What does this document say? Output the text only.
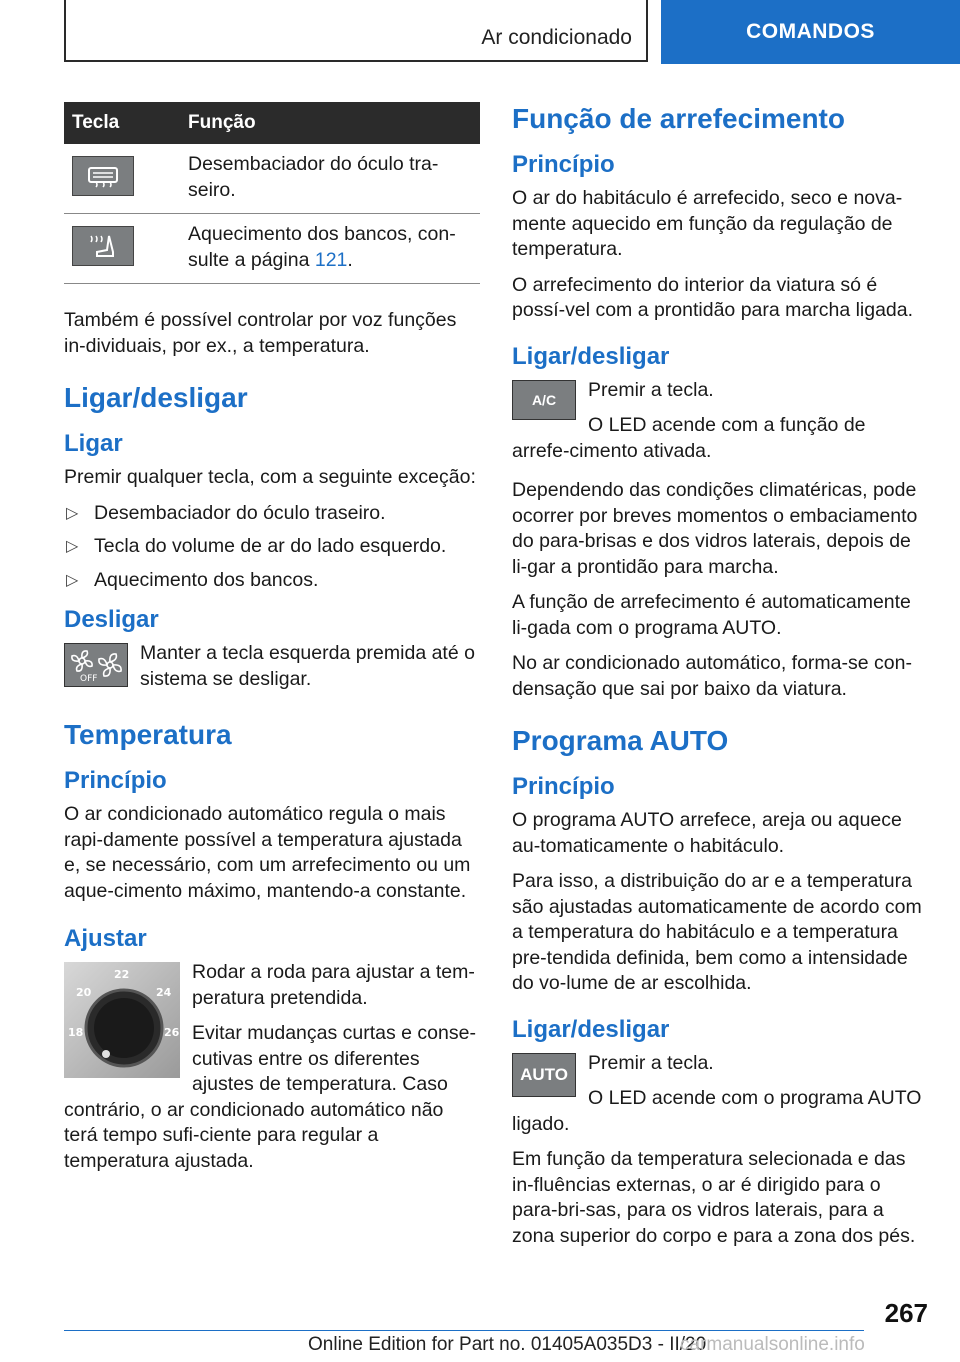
Ar condicionado	COMANDOS
Tecla	Função

	Desembaciador do óculo tra-seiro.

	Aquecimento dos bancos, con-sulte a página 121.

Também é possível controlar por voz funções in-dividuais, por ex., a temperatura.

Ligar/desligar
Ligar

Premir qualquer tecla, com a seguinte exceção:

▷ Desembaciador do óculo traseiro.
▷ Tecla do volume de ar do lado esquerdo.
▷ Aquecimento dos bancos.
Desligar
OFF

Manter a tecla esquerda premida até o sistema se desligar.

Temperatura
Princípio

O ar condicionado automático regula o mais rapi-damente possível a temperatura ajustada e, se necessário, com um arrefecimento ou um aque-cimento máximo, mantendo-a constante.

Ajustar
18
20
22
24
26

Rodar a roda para ajustar a tem-peratura pretendida.

Evitar mudanças curtas e conse-cutivas entre os diferentes ajustes de temperatura. Caso contrário, o ar condicionado automático não terá tempo sufi-ciente para regular a temperatura ajustada.

Função de arrefecimento
Princípio

O ar do habitáculo é arrefecido, seco e nova-mente aquecido em função da regulação de temperatura.

O arrefecimento do interior da viatura só é possí-vel com a prontidão para marcha ligada.

Ligar/desligar
A/C	Premir a tecla.

O LED acende com a função de arrefe-cimento ativada.

Dependendo das condições climatéricas, pode ocorrer por breves momentos o embaciamento do para-brisas e dos vidros laterais, depois de li-gar a prontidão para marcha.

A função de arrefecimento é automaticamente li-gada com o programa AUTO.

No ar condicionado automático, forma-se con-densação que sai por baixo da viatura.

Programa AUTO
Princípio

O programa AUTO arrefece, areja ou aquece au-tomaticamente o habitáculo.

Para isso, a distribuição do ar e a temperatura são ajustadas automaticamente de acordo com a temperatura do habitáculo e a temperatura pre-tendida definida, bem como a intensidade do vo-lume de ar escolhida.

Ligar/desligar
AUTO

Premir a tecla.

O LED acende com o programa AUTO ligado.

Em função da temperatura selecionada e das in-fluências externas, o ar é dirigido para o para-bri-sas, para os vidros laterais, para a zona superior do corpo e para a zona dos pés.

267
Online Edition for Part no. 01405A035D3 - II/20
carmanualsonline.info
